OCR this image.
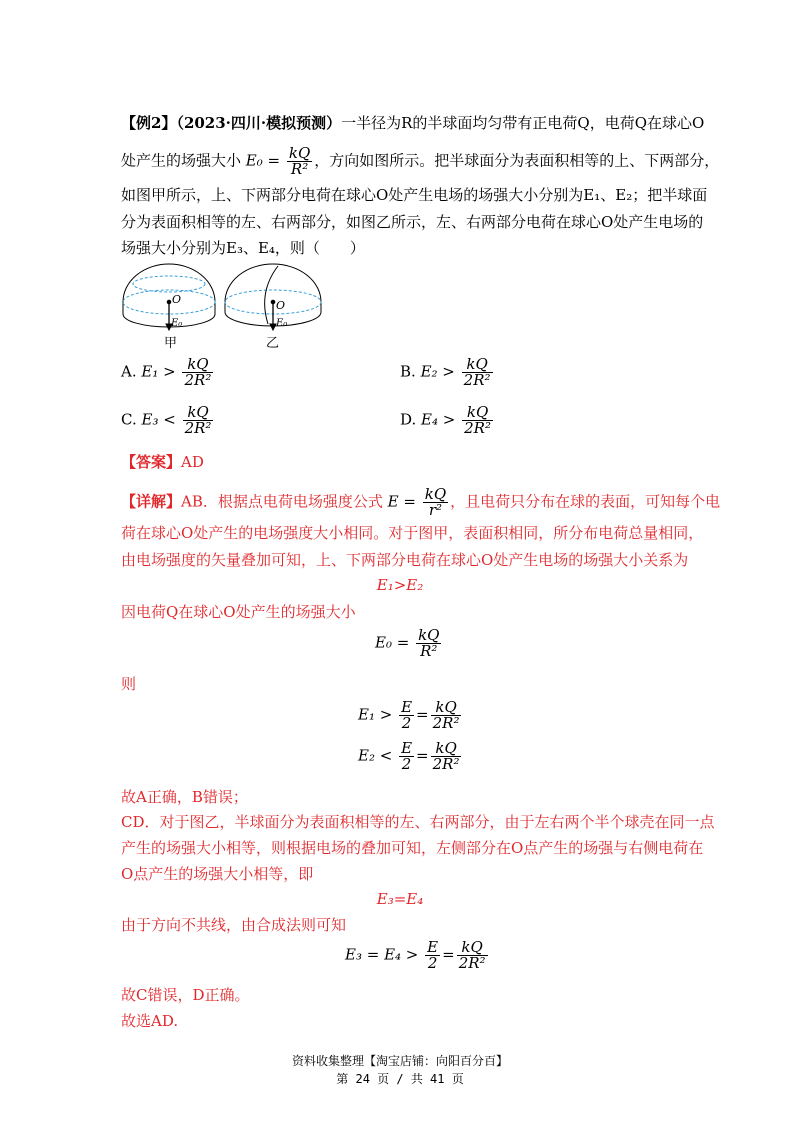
【例2】（2023·四川·模拟预测）一半径为R的半球面均匀带有正电荷Q，电荷Q在球心O
处产生的场强大小 $E_0 = \frac{kQ}{\text{R²}}$ ，方向如图所示。把半球面分为表面积相等的上、下两部分，
如图甲所示，上、下两部分电荷在球心O处产生电场的场强大小分别为E₁、E₂；把半球面
分为表面积相等的左、右两部分，如图乙所示，左、右两部分电荷在球心O处产生电场的
场强大小分别为E₃、E₄，则（　　）
O
E₀
O
E₀
甲	乙
A. $E_1 > \frac{kQ}{\text{2R²}}$	B. $E_2 > \frac{kQ}{\text{2R²}}$
C. $E_3 < \frac{kQ}{\text{2R²}}$	D. $E_4 > \frac{kQ}{\text{2R²}}$
【答案】AD
【详解】AB．根据点电荷电场强度公式 $E = \frac{kQ}{\text{r²}}$ ，且电荷只分布在球的表面，可知每个电
荷在球心O处产生的电场强度大小相同。对于图甲，表面积相同，所分布电荷总量相同，
由电场强度的矢量叠加可知，上、下两部分电荷在球心O处产生电场的场强大小关系为
E₁>E₂
因电荷Q在球心O处产生的场强大小
$E_0 = \frac{kQ}{\text{R²}}$
则
$E_1 > \frac{E}{2} = \frac{kQ}{\text{2R²}}$
$E_2 < \frac{E}{2} = \frac{kQ}{\text{2R²}}$
故A正确，B错误；
CD．对于图乙，半球面分为表面积相等的左、右两部分，由于左右两个半个球壳在同一点
产生的场强大小相等，则根据电场的叠加可知，左侧部分在O点产生的场强与右侧电荷在
O点产生的场强大小相等，即
E₃=E₄
由于方向不共线，由合成法则可知
$E_3 = E_4 > \frac{E}{2} = \frac{kQ}{\text{2R²}}$
故C错误，D正确。
故选AD.
资料收集整理【淘宝店铺：向阳百分百】
第 24 页 / 共 41 页
